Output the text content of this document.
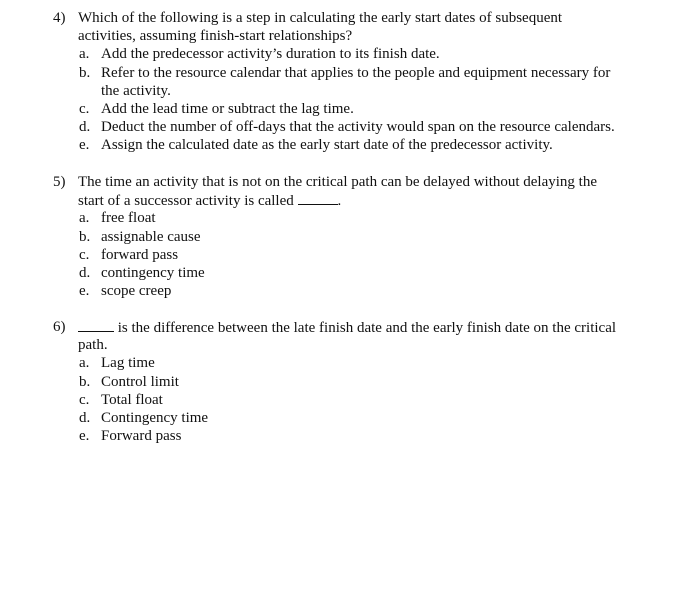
4) Which of the following is a step in calculating the early start dates of subsequent
activities, assuming finish-start relationships?
a. Add the predecessor activity’s duration to its finish date.
b. Refer to the resource calendar that applies to the people and equipment necessary for
the activity.
c. Add the lead time or subtract the lag time.
d. Deduct the number of off-days that the activity would span on the resource calendars.
e. Assign the calculated date as the early start date of the predecessor activity.
5) The time an activity that is not on the critical path can be delayed without delaying the
start of a successor activity is called	.
a. free float
b. assignable cause
c. forward pass
d. contingency time
e. scope creep
6)	is the difference between the late finish date and the early finish date on the critical
path.
a. Lag time
b. Control limit
c. Total float
d. Contingency time
e. Forward pass
